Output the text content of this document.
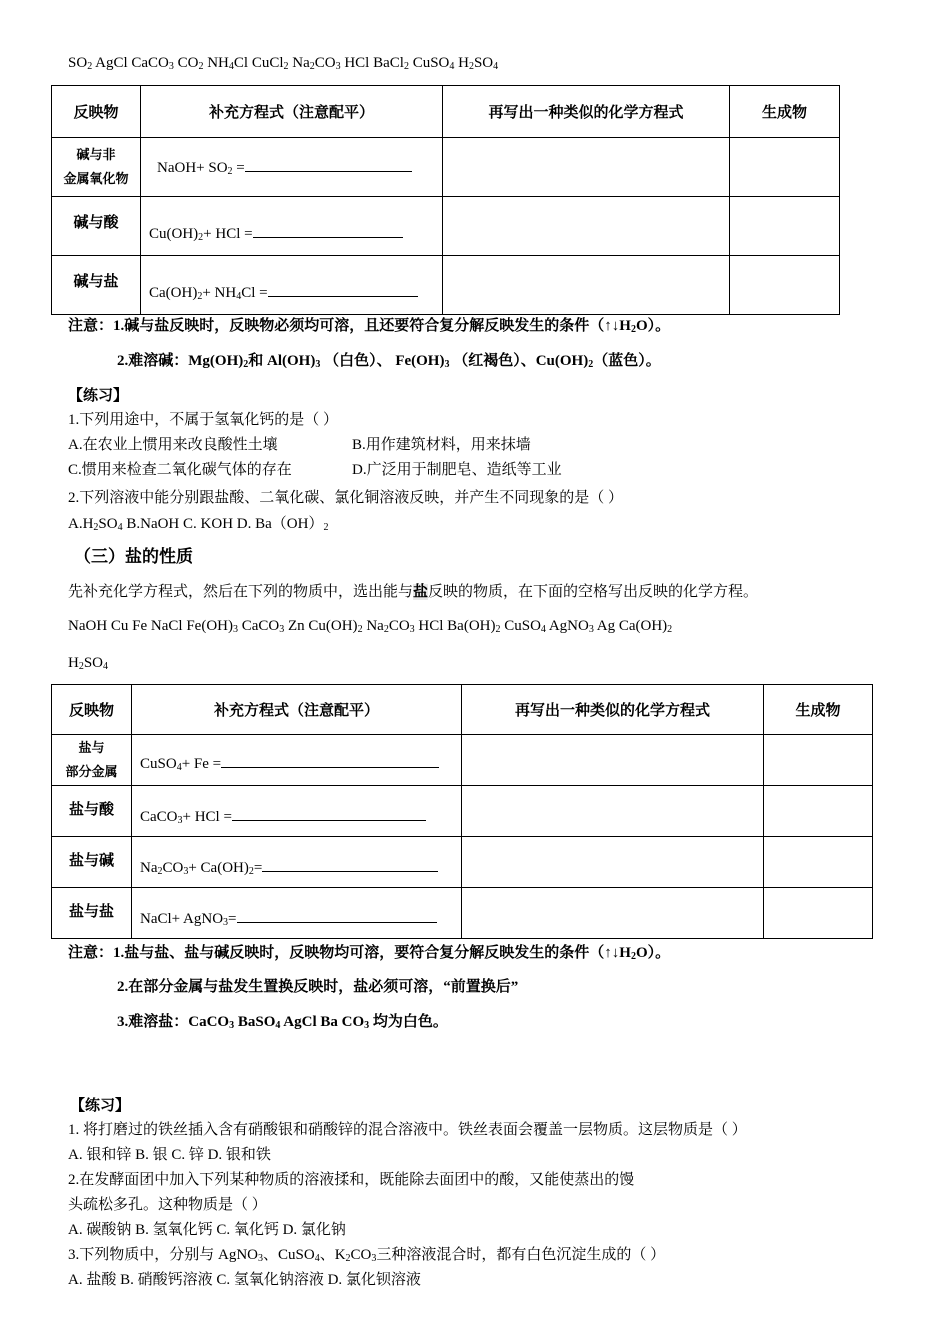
$SO_2$ AgCl CaCO$_3$ $CO_2$ $NH_4Cl$ CuCl$_2$ $Na_2CO_3$ HCl BaCl$_2$ CuSO$_4$ $H_2SO_4$
反映物	补充方程式（注意配平）	再写出一种类似的化学方程式	生成物

碱与非
金属氧化物	NaOH+ $SO_2$ =		

碱与酸	$Cu(OH)_2+$ HCl =		

碱与盐	$Ca(OH)_2+ NH_4Cl$ =		
注意：1.碱与盐反映时，反映物必须均可溶，且还要符合复分解反映发生的条件$(↑↓H_2O)$。
2.难溶碱：$Mg(OH)_2$和 $Al(OH)_3$ （白色）、 $Fe(OH)_3$ （红褐色）、$Cu(OH)_2$（蓝色）。
【练习】
1.下列用途中，不属于氢氧化钙的是（ ）
A.在农业上惯用来改良酸性土壤	B.用作建筑材料，用来抹墙
C.惯用来检查二氧化碳气体的存在	D.广泛用于制肥皂、造纸等工业
2.下列溶液中能分别跟盐酸、二氧化碳、氯化铜溶液反映，并产生不同现象的是（ ）
$A.H_2SO_4$ B.NaOH C. KOH D. $Ba(OH)_2$
（三）盐的性质
先补充化学方程式，然后在下列的物质中，选出能与盐反映的物质，在下面的空格写出反映的化学方程。
NaOH Cu Fe NaCl $Fe(OH)_3$ CaCO$_3$ Zn $Cu(OH)_2$ $Na_2CO_3$ HCl $Ba(OH)_2$ CuSO$_4$ AgNO$_3$ Ag $Ca(OH)_2$
$H_2SO_4$
反映物	补充方程式（注意配平）	再写出一种类似的化学方程式	生成物

盐与
部分金属	CuSO$_4$+ Fe =		

盐与酸	CaCO$_3$+ HCl =		

盐与碱	$Na_2CO_3+ Ca(OH)_2=$		

盐与盐	NaCl+ AgNO$_3$=		
注意：1.盐与盐、盐与碱反映时，反映物均可溶，要符合复分解反映发生的条件$(↑↓H_2O)$。
2.在部分金属与盐发生置换反映时，盐必须可溶，“前置换后”
3.难溶盐：CaCO$_3$ BaSO$_4$ AgCl Ba $CO_3$ 均为白色。
【练习】
1. 将打磨过的铁丝插入含有硝酸银和硝酸锌的混合溶液中。铁丝表面会覆盖一层物质。这层物质是（ ）
A. 银和锌 B. 银 C. 锌 D. 银和铁
2.在发酵面团中加入下列某种物质的溶液揉和，既能除去面团中的酸，又能使蒸出的馒
头疏松多孔。这种物质是（ ）
A. 碳酸钠 B. 氢氧化钙 C. 氧化钙 D. 氯化钠
3.下列物质中，分别与 AgNO$_3$、CuSO$_4$、$K_2CO_3$三种溶液混合时，都有白色沉淀生成的（ ）
A. 盐酸 B. 硝酸钙溶液 C. 氢氧化钠溶液 D. 氯化钡溶液
